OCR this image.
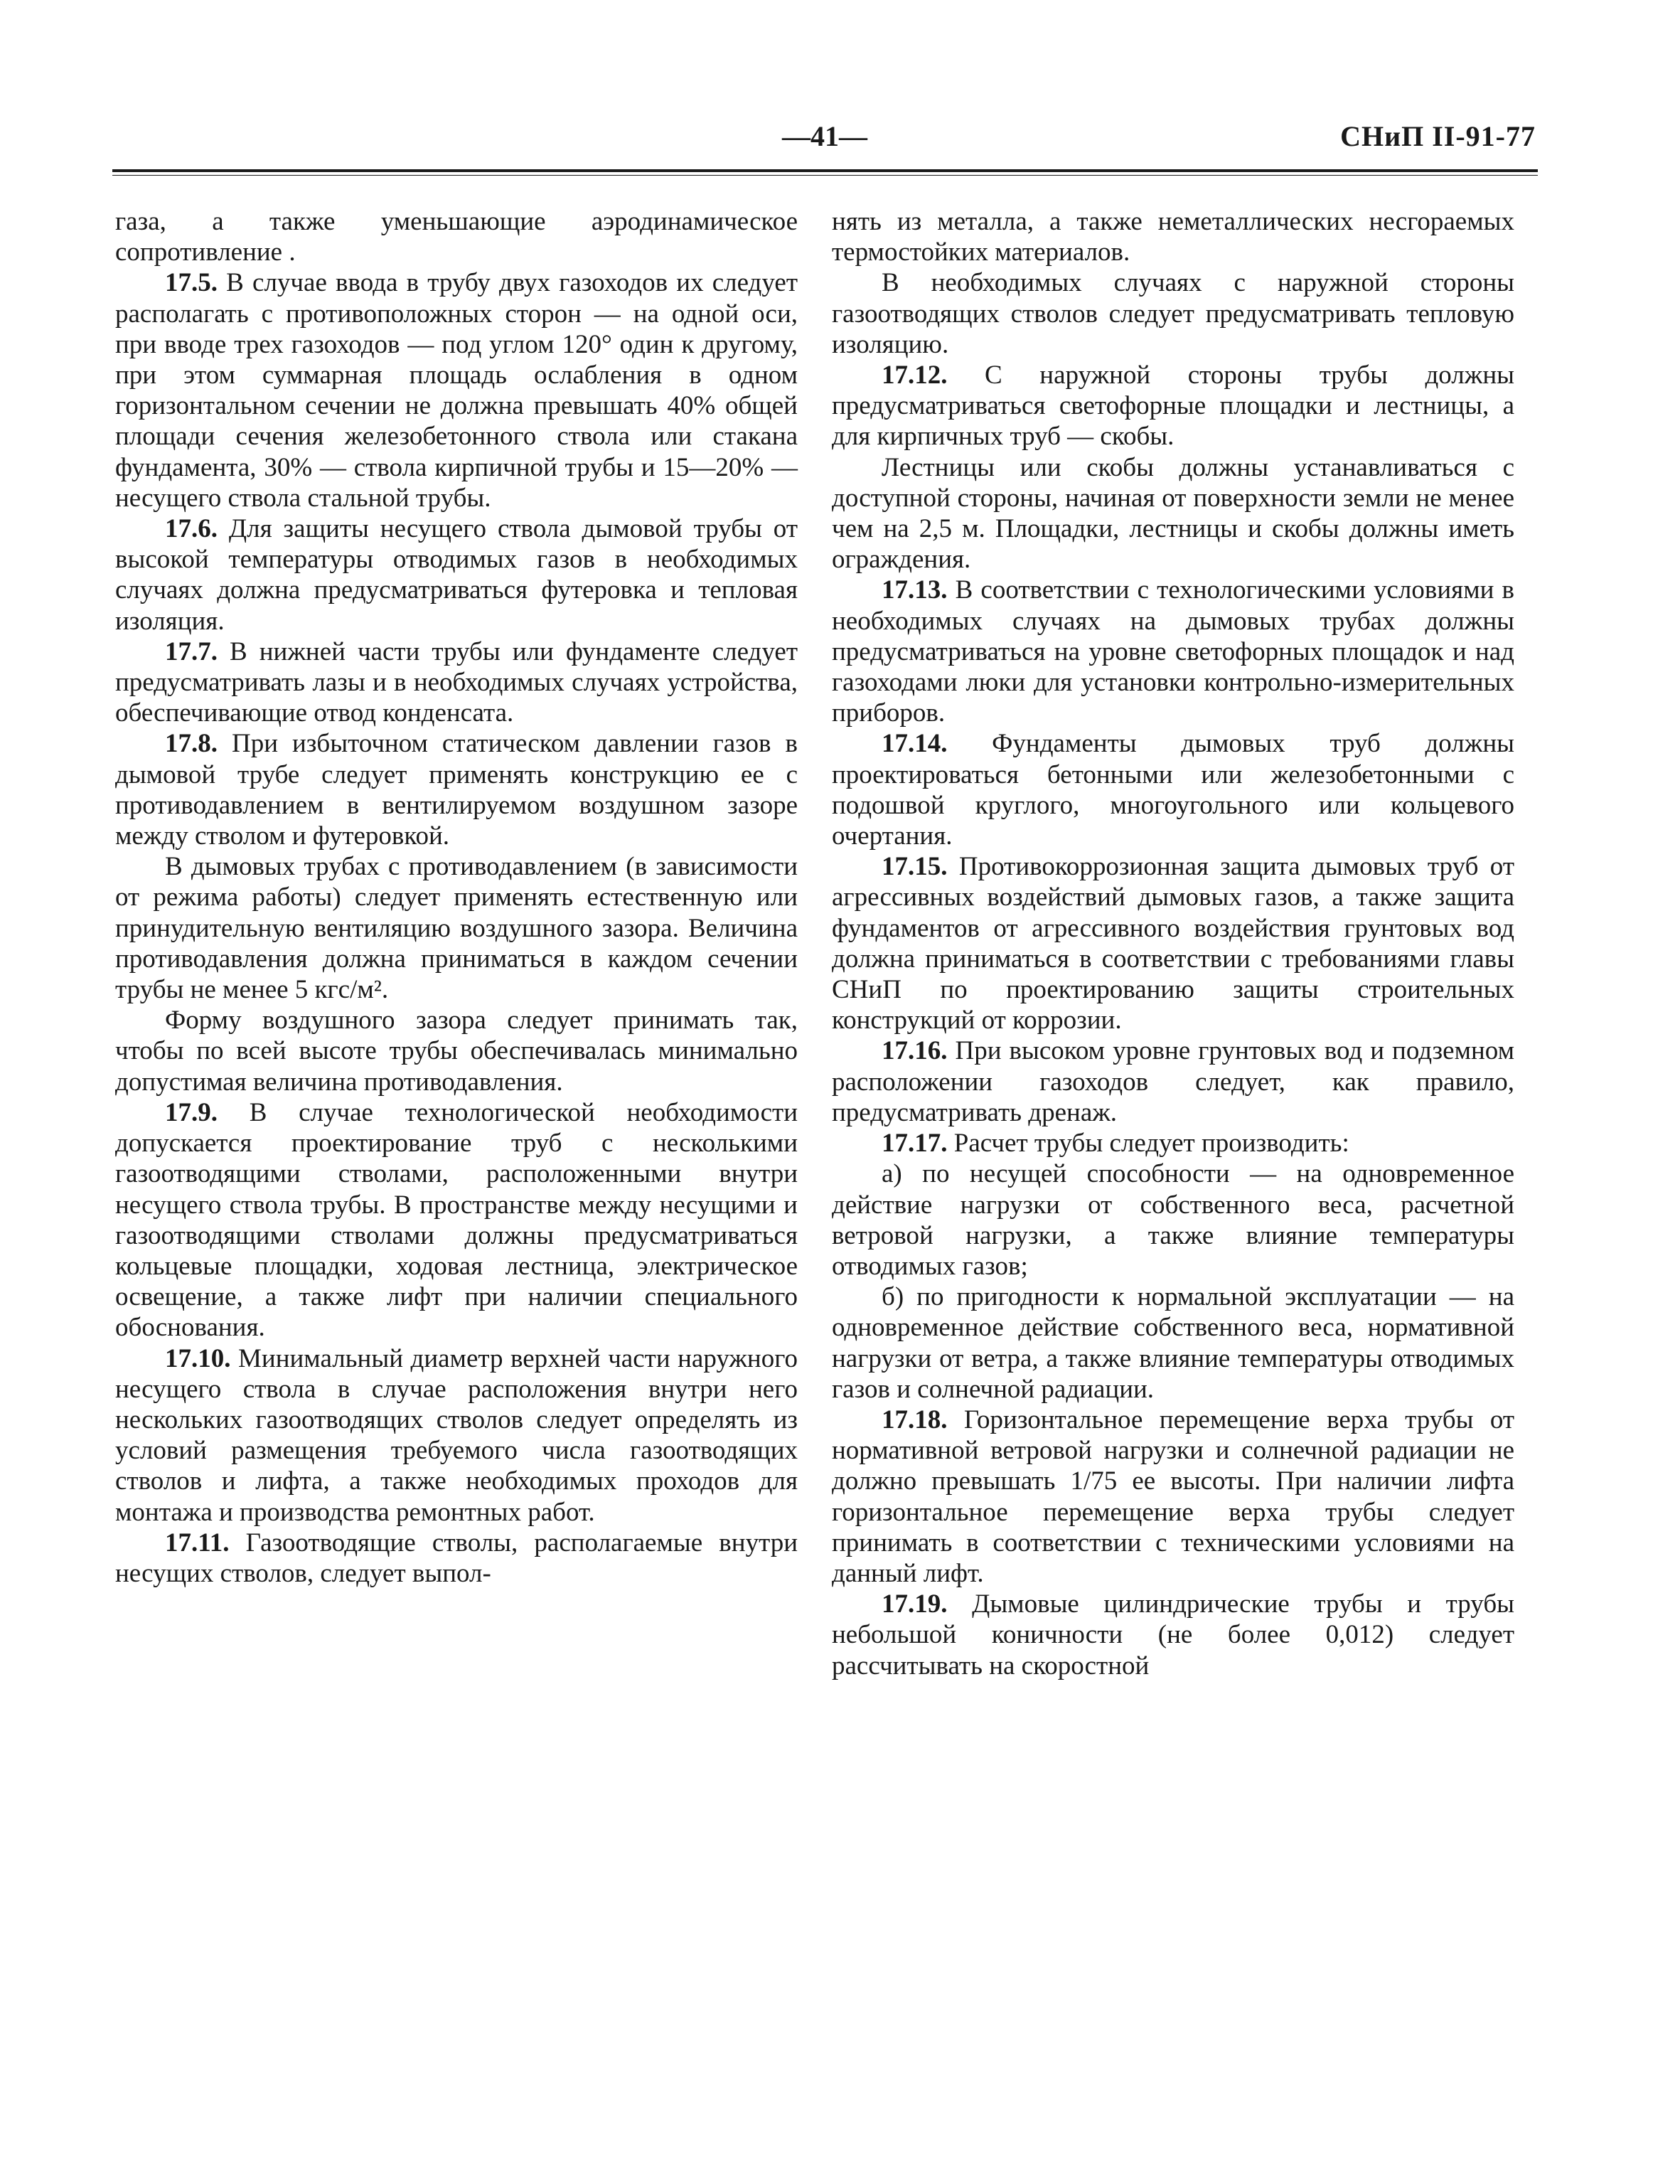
—41—	СНиП II-91-77

газа, а также уменьшающие аэродинамическое сопротивление .

17.5. В случае ввода в трубу двух газоходов их следует располагать с противоположных сторон — на одной оси, при вводе трех газоходов — под углом 120° один к другому, при этом суммарная площадь ослабления в одном горизонтальном сечении не должна превышать 40% общей площади сечения железобетонного ствола или стакана фундамента, 30% — ствола кирпичной трубы и 15—20% — несущего ствола стальной трубы.

17.6. Для защиты несущего ствола дымовой трубы от высокой температуры отводимых газов в необходимых случаях должна предусматриваться футеровка и тепловая изоляция.

17.7. В нижней части трубы или фундаменте следует предусматривать лазы и в необходимых случаях устройства, обеспечивающие отвод конденсата.

17.8. При избыточном статическом давлении газов в дымовой трубе следует применять конструкцию ее с противодавлением в вентилируемом воздушном зазоре между стволом и футеровкой.

В дымовых трубах с противодавлением (в зависимости от режима работы) следует применять естественную или принудительную вентиляцию воздушного зазора. Величина противодавления должна приниматься в каждом сечении трубы не менее 5 кгс/м².

Форму воздушного зазора следует принимать так, чтобы по всей высоте трубы обеспечивалась минимально допустимая величина противодавления.

17.9. В случае технологической необходимости допускается проектирование труб с несколькими газоотводящими стволами, расположенными внутри несущего ствола трубы. В пространстве между несущими и газоотводящими стволами должны предусматриваться кольцевые площадки, ходовая лестница, электрическое освещение, а также лифт при наличии специального обоснования.

17.10. Минимальный диаметр верхней части наружного несущего ствола в случае расположения внутри него нескольких газоотводящих стволов следует определять из условий размещения требуемого числа газоотводящих стволов и лифта, а также необходимых проходов для монтажа и производства ремонтных работ.

17.11. Газоотводящие стволы, располагаемые внутри несущих стволов, следует выпол-

нять из металла, а также неметаллических несгораемых термостойких материалов.

В необходимых случаях с наружной стороны газоотводящих стволов следует предусматривать тепловую изоляцию.

17.12. С наружной стороны трубы должны предусматриваться светофорные площадки и лестницы, а для кирпичных труб — скобы.

Лестницы или скобы должны устанавливаться с доступной стороны, начиная от поверхности земли не менее чем на 2,5 м. Площадки, лестницы и скобы должны иметь ограждения.

17.13. В соответствии с технологическими условиями в необходимых случаях на дымовых трубах должны предусматриваться на уровне светофорных площадок и над газоходами люки для установки контрольно-измерительных приборов.

17.14. Фундаменты дымовых труб должны проектироваться бетонными или железобетонными с подошвой круглого, многоугольного или кольцевого очертания.

17.15. Противокоррозионная защита дымовых труб от агрессивных воздействий дымовых газов, а также защита фундаментов от агрессивного воздействия грунтовых вод должна приниматься в соответствии с требованиями главы СНиП по проектированию защиты строительных конструкций от коррозии.

17.16. При высоком уровне грунтовых вод и подземном расположении газоходов следует, как правило, предусматривать дренаж.

17.17. Расчет трубы следует производить:

а) по несущей способности — на одновременное действие нагрузки от собственного веса, расчетной ветровой нагрузки, а также влияние температуры отводимых газов;

б) по пригодности к нормальной эксплуатации — на одновременное действие собственного веса, нормативной нагрузки от ветра, а также влияние температуры отводимых газов и солнечной радиации.

17.18. Горизонтальное перемещение верха трубы от нормативной ветровой нагрузки и солнечной радиации не должно превышать 1/75 ее высоты. При наличии лифта горизонтальное перемещение верха трубы следует принимать в соответствии с техническими условиями на данный лифт.

17.19. Дымовые цилиндрические трубы и трубы небольшой коничности (не более 0,012) следует рассчитывать на скоростной
